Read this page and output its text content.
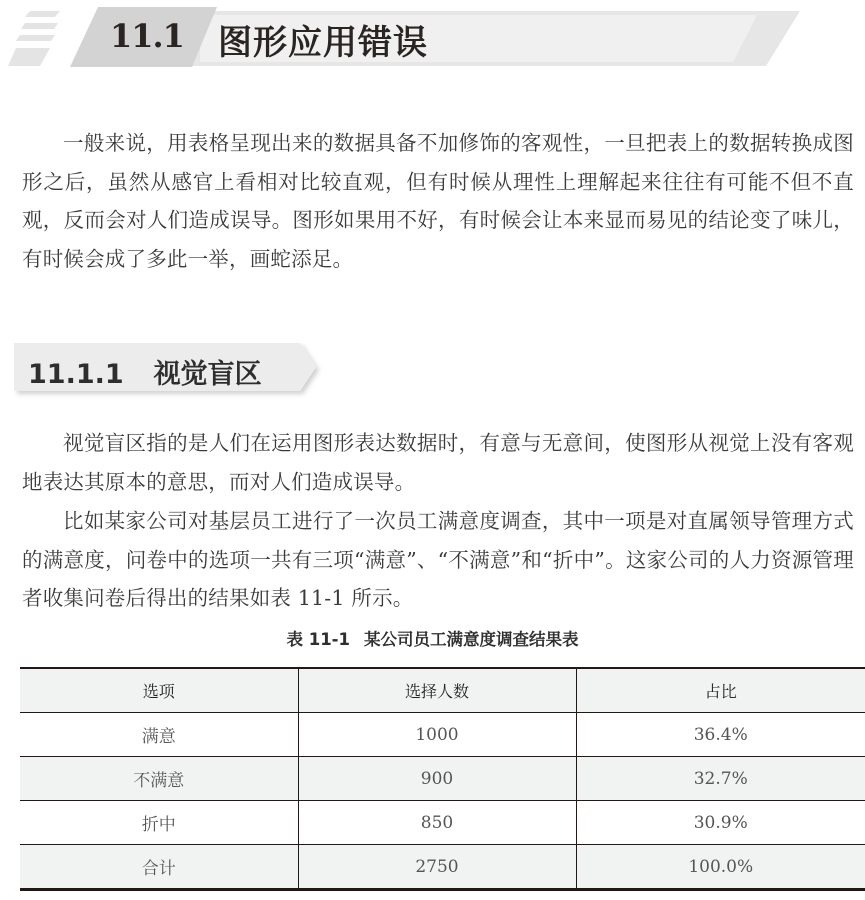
11.1 图形应用错误

一般来说，用表格呈现出来的数据具备不加修饰的客观性，一旦把表上的数据转换成图形之后，虽然从感官上看相对比较直观，但有时候从理性上理解起来往往有可能不但不直观，反而会对人们造成误导。图形如果用不好，有时候会让本来显而易见的结论变了味儿，有时候会成了多此一举，画蛇添足。

11.1.1 视觉盲区

视觉盲区指的是人们在运用图形表达数据时，有意与无意间，使图形从视觉上没有客观地表达其原本的意思，而对人们造成误导。

比如某家公司对基层员工进行了一次员工满意度调查，其中一项是对直属领导管理方式的满意度，问卷中的选项一共有三项“满意”、“不满意”和“折中”。这家公司的人力资源管理者收集问卷后得出的结果如表 11-1 所示。

表 11-1 某公司员工满意度调查结果表
选项	选择人数	占比
满意	1000	36.4%
不满意	900	32.7%
折中	850	30.9%
合计	2750	100.0%
